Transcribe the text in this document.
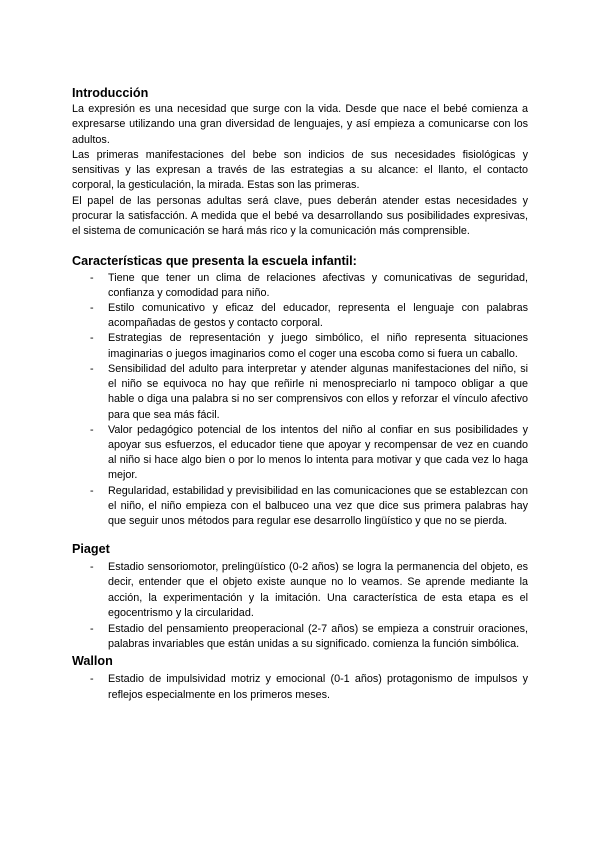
Introducción

La expresión es una necesidad que surge con la vida. Desde que nace el bebé comienza a expresarse utilizando una gran diversidad de lenguajes, y así empieza a comunicarse con los adultos.

Las primeras manifestaciones del bebe son indicios de sus necesidades fisiológicas y sensitivas y las expresan a través de las estrategias a su alcance: el llanto, el contacto corporal, la gesticulación, la mirada. Estas son las primeras.

El papel de las personas adultas será clave, pues deberán atender estas necesidades y procurar la satisfacción. A medida que el bebé va desarrollando sus posibilidades expresivas, el sistema de comunicación se hará más rico y la comunicación más comprensible.

Características que presenta la escuela infantil:
- Tiene que tener un clima de relaciones afectivas y comunicativas de seguridad, confianza y comodidad para niño.
- Estilo comunicativo y eficaz del educador, representa el lenguaje con palabras acompañadas de gestos y contacto corporal.
- Estrategias de representación y juego simbólico, el niño representa situaciones imaginarias o juegos imaginarios como el coger una escoba como si fuera un caballo.
- Sensibilidad del adulto para interpretar y atender algunas manifestaciones del niño, si el niño se equivoca no hay que reñirle ni menospreciarlo ni tampoco obligar a que hable o diga una palabra si no ser comprensivos con ellos y reforzar el vínculo afectivo para que sea más fácil.
- Valor pedagógico potencial de los intentos del niño al confiar en sus posibilidades y apoyar sus esfuerzos, el educador tiene que apoyar y recompensar de vez en cuando al niño si hace algo bien o por lo menos lo intenta para motivar y que cada vez lo haga mejor.
- Regularidad, estabilidad y previsibilidad en las comunicaciones que se establezcan con el niño, el niño empieza con el balbuceo una vez que dice sus primera palabras hay que seguir unos métodos para regular ese desarrollo lingüístico y que no se pierda.
Piaget
- Estadio sensoriomotor, prelingüístico (0-2 años) se logra la permanencia del objeto, es decir, entender que el objeto existe aunque no lo veamos. Se aprende mediante la acción, la experimentación y la imitación. Una característica de esta etapa es el egocentrismo y la circularidad.
- Estadio del pensamiento preoperacional (2-7 años) se empieza a construir oraciones, palabras invariables que están unidas a su significado. comienza la función simbólica.
Wallon
- Estadio de impulsividad motriz y emocional (0-1 años) protagonismo de impulsos y reflejos especialmente en los primeros meses.
